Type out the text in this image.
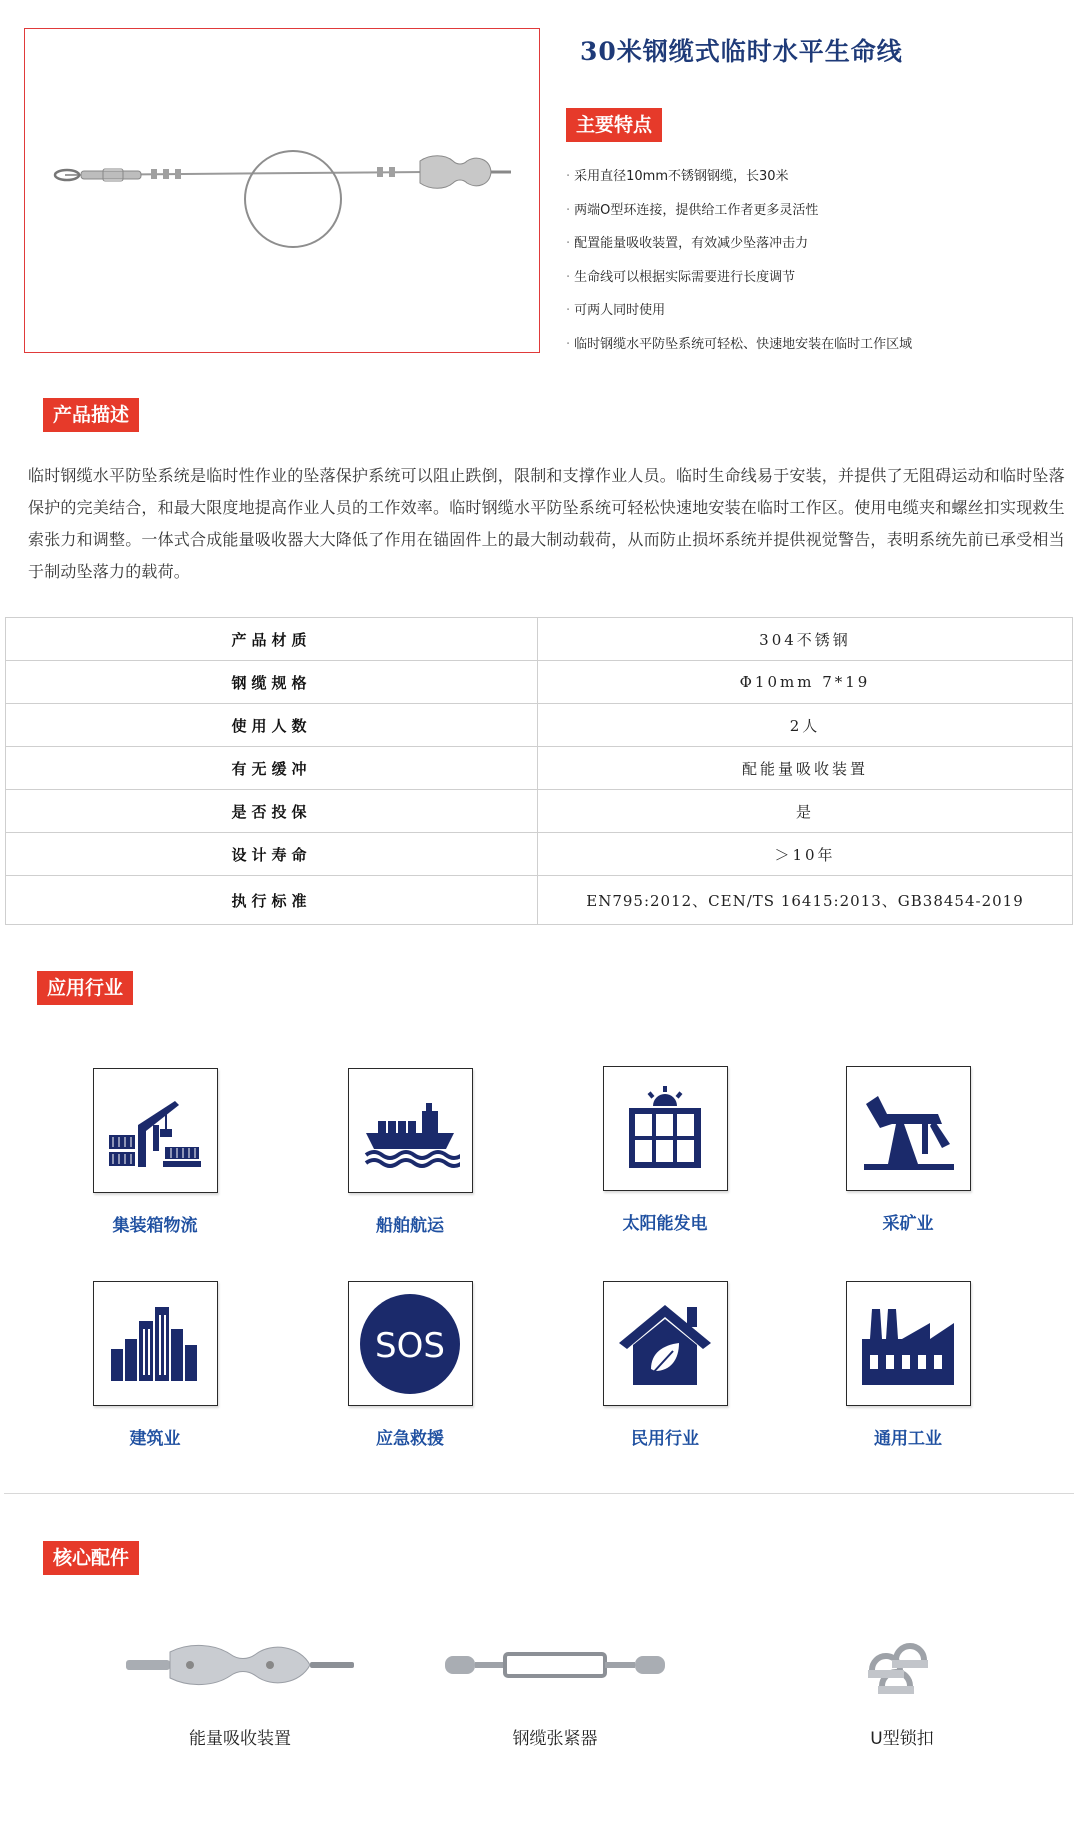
30米钢缆式临时水平生命线
主要特点
· 采用直径10mm不锈钢钢缆，长30米
· 两端O型环连接，提供给工作者更多灵活性
· 配置能量吸收装置，有效减少坠落冲击力
· 生命线可以根据实际需要进行长度调节
· 可两人同时使用
· 临时钢缆水平防坠系统可轻松、快速地安装在临时工作区域
产品描述
临时钢缆水平防坠系统是临时性作业的坠落保护系统可以阻止跌倒，限制和支撑作业人员。临时生命线易于安装，并提供了无阻碍运动和临时坠落保护的完美结合，和最大限度地提高作业人员的工作效率。临时钢缆水平防坠系统可轻松快速地安装在临时工作区。使用电缆夹和螺丝扣实现救生索张力和调整。一体式合成能量吸收器大大降低了作用在锚固件上的最大制动载荷，从而防止损坏系统并提供视觉警告，表明系统先前已承受相当于制动坠落力的载荷。
产品材质	304不锈钢
钢缆规格	Φ10mm 7*19
使用人数	2人
有无缓冲	配能量吸收装置
是否投保	是
设计寿命	＞10年
执行标准	EN795:2012、CEN/TS 16415:2013、GB38454-2019
应用行业
集装箱物流	船舶航运	太阳能发电	采矿业
建筑业
SOS
应急救援	民用行业	通用工业
核心配件
能量吸收装置	钢缆张紧器	U型锁扣
